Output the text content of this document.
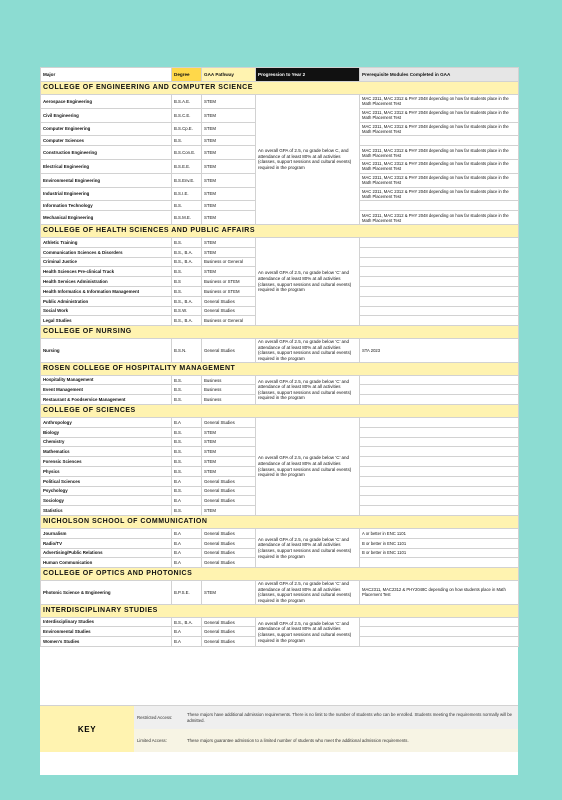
Major	Degree	GAA Pathway	Progression to Year 2	Prerequisite Modules Completed in GAA
COLLEGE OF ENGINEERING AND COMPUTER SCIENCE				
Aerospace Engineering	B.S.A.E.	STEM	An overall GPA of 2.5, no grade below C, and attendance of at least 80% at all activities (classes, support sessions and cultural events) required in the program	MAC 2311, MAC 2312 & PHY 2048 depending on how far students place in the Math Placement Test
Civil Engineering	B.S.C.E.	STEM		MAC 2311, MAC 2312 & PHY 2048 depending on how far students place in the Math Placement Test
Computer Engineering	B.S.Cp.E.	STEM		MAC 2311, MAC 2312 & PHY 2048 depending on how far students place in the Math Placement Test
Computer Sciences	B.S.	STEM		
Construction Engineering	B.S.Con.E.	STEM		MAC 2311, MAC 2312 & PHY 2048 depending on how far students place in the Math Placement Test
Electrical Engineering	B.S.E.E.	STEM		MAC 2311, MAC 2312 & PHY 2048 depending on how far students place in the Math Placement Test
Environmental Engineering	B.S.Env.E.	STEM		MAC 2311, MAC 2312 & PHY 2048 depending on how far students place in the Math Placement Test
Industrial Engineering	B.S.I.E.	STEM		MAC 2311, MAC 2312 & PHY 2048 depending on how far students place in the Math Placement Test
Information Technology	B.S.	STEM		
Mechanical Engineering	B.S.M.E.	STEM		MAC 2311, MAC 2312 & PHY 2048 depending on how far students place in the Math Placement Test
COLLEGE OF HEALTH SCIENCES AND PUBLIC AFFAIRS				
Athletic Training	B.S.	STEM	An overall GPA of 2.5, no grade below ‘C’ and attendance of at least 80% at all activities (classes, support sessions and cultural events) required in the program	
Communication Sciences & Disorders	B.S., B.A.	STEM		
Criminal Justice	B.S., B.A.	Business or General		
Health Sciences Pre-clinical Track	B.S.	STEM		
Health Services Administration	B.S	Business or STEM		
Health Informatics & Information Management	B.S.	Business or STEM		
Public Administration	B.S., B.A.	General Studies		
Social Work	B.S.W.	General Studies		
Legal Studies	B.S., B.A.	Business or General		
COLLEGE OF NURSING				
Nursing	B.S.N.	General Studies	An overall GPA of 2.5, no grade below ‘C’ and attendance of at least 80% at all activities (classes, support sessions and cultural events) required in the program	STA 2023
ROSEN COLLEGE OF HOSPITALITY MANAGEMENT				
Hospitality Management	B.S.	Business	An overall GPA of 2.5, no grade below ‘C’ and attendance of at least 80% at all activities (classes, support sessions and cultural events) required in the program	
Event Management	B.S.	Business		
Restaurant & Foodservice Management	B.S.	Business		
COLLEGE OF SCIENCES				
Anthropology	B.A	General Studies	An overall GPA of 2.5, no grade below ‘C’ and attendance of at least 80% at all activities (classes, support sessions and cultural events) required in the program	
Biology	B.S.	STEM		
Chemistry	B.S.	STEM		
Mathematics	B.S.	STEM		
Forensic Sciences	B.S.	STEM		
Physics	B.S.	STEM		
Political Sciences	B.A	General Studies		
Psychology	B.S.	General Studies		
Sociology	B.A	General Studies		
Statistics	B.S.	STEM		
NICHOLSON SCHOOL OF COMMUNICATION				
Journalism	B.A	General Studies	An overall GPA of 2.5, no grade below ‘C’ and attendance of at least 80% at all activities (classes, support sessions and cultural events) required in the program	A or better in ENC 1101
Radio/TV	B.A	General Studies		B or better in ENC 1101
Advertising/Public Relations	B.A	General Studies		B or better in ENC 1101
Human Communication	B.A	General Studies		
COLLEGE OF OPTICS AND PHOTONICS				
Photonic Science & Engineering	B.P.S.E.	STEM	An overall GPA of 2.5, no grade below ‘C’ and attendance of at least 80% at all activities (classes, support sessions and cultural events) required in the program	MAC2311, MAC2312 & PHY2048C depending on how students place in Math Placement Test
INTERDISCIPLINARY STUDIES				
Interdisciplinary Studies	B.S., B.A.	General Studies	An overall GPA of 2.5, no grade below ‘C’ and attendance of at least 80% at all activities (classes, support sessions and cultural events) required in the program	
Environmental Studies	B.A	General Studies		
Women's Studies	B.A	General Studies		
KEY
Restricted Access:
These majors have additional admission requirements. There is no limit to the number of students who can be enrolled. Students meeting the requirements normally will be admitted.
Limited Access:	These majors guarantee admission to a limited number of students who meet the additional admission requirements.
